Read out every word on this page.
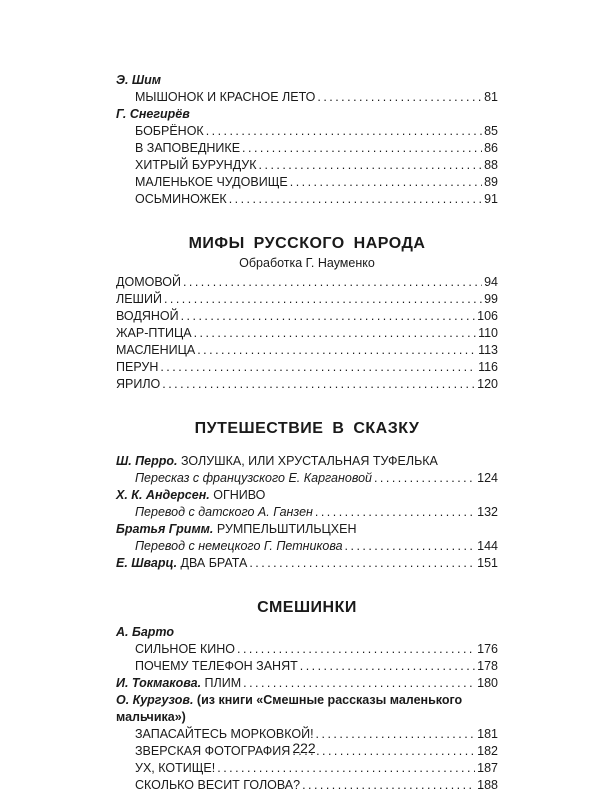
Э. Шим
МЫШОНОК И КРАСНОЕ ЛЕТО . . .	81
Г. Снегирёв
БОБРЁНОК . . .	85
В ЗАПОВЕДНИКЕ . . .	86
ХИТРЫЙ БУРУНДУК . . .	88
МАЛЕНЬКОЕ ЧУДОВИЩЕ . . .	89
ОСЬМИНОЖЕК . . .	91
МИФЫ РУССКОГО НАРОДА
Обработка Г. Науменко
ДОМОВОЙ . . .	94
ЛЕШИЙ . . .	99
ВОДЯНОЙ . . .	106
ЖАР-ПТИЦА . . .	110
МАСЛЕНИЦА . . .	113
ПЕРУН . . .	116
ЯРИЛО . . .	120
ПУТЕШЕСТВИЕ В СКАЗКУ
Ш. Перро. ЗОЛУШКА, ИЛИ ХРУСТАЛЬНАЯ ТУФЕЛЬКА
Пересказ с французского Е. Каргановой . . .	124
Х. К. Андерсен. ОГНИВО
Перевод с датского А. Ганзен . . .	132
Братья Гримм. РУМПЕЛЬШТИЛЬЦХЕН
Перевод с немецкого Г. Петникова . . .	144
Е. Шварц. ДВА БРАТА . . .	151
СМЕШИНКИ
А. Барто
СИЛЬНОЕ КИНО . . .	176
ПОЧЕМУ ТЕЛЕФОН ЗАНЯТ . . .	178
И. Токмакова. ПЛИМ . . .	180
О. Кургузов. (из книги «Смешные рассказы маленького мальчика»)
ЗАПАСАЙТЕСЬ МОРКОВКОЙ! . . .	181
ЗВЕРСКАЯ ФОТОГРАФИЯ . . .	182
УХ, КОТИЩЕ! . . .	187
СКОЛЬКО ВЕСИТ ГОЛОВА? . . .	188
222
